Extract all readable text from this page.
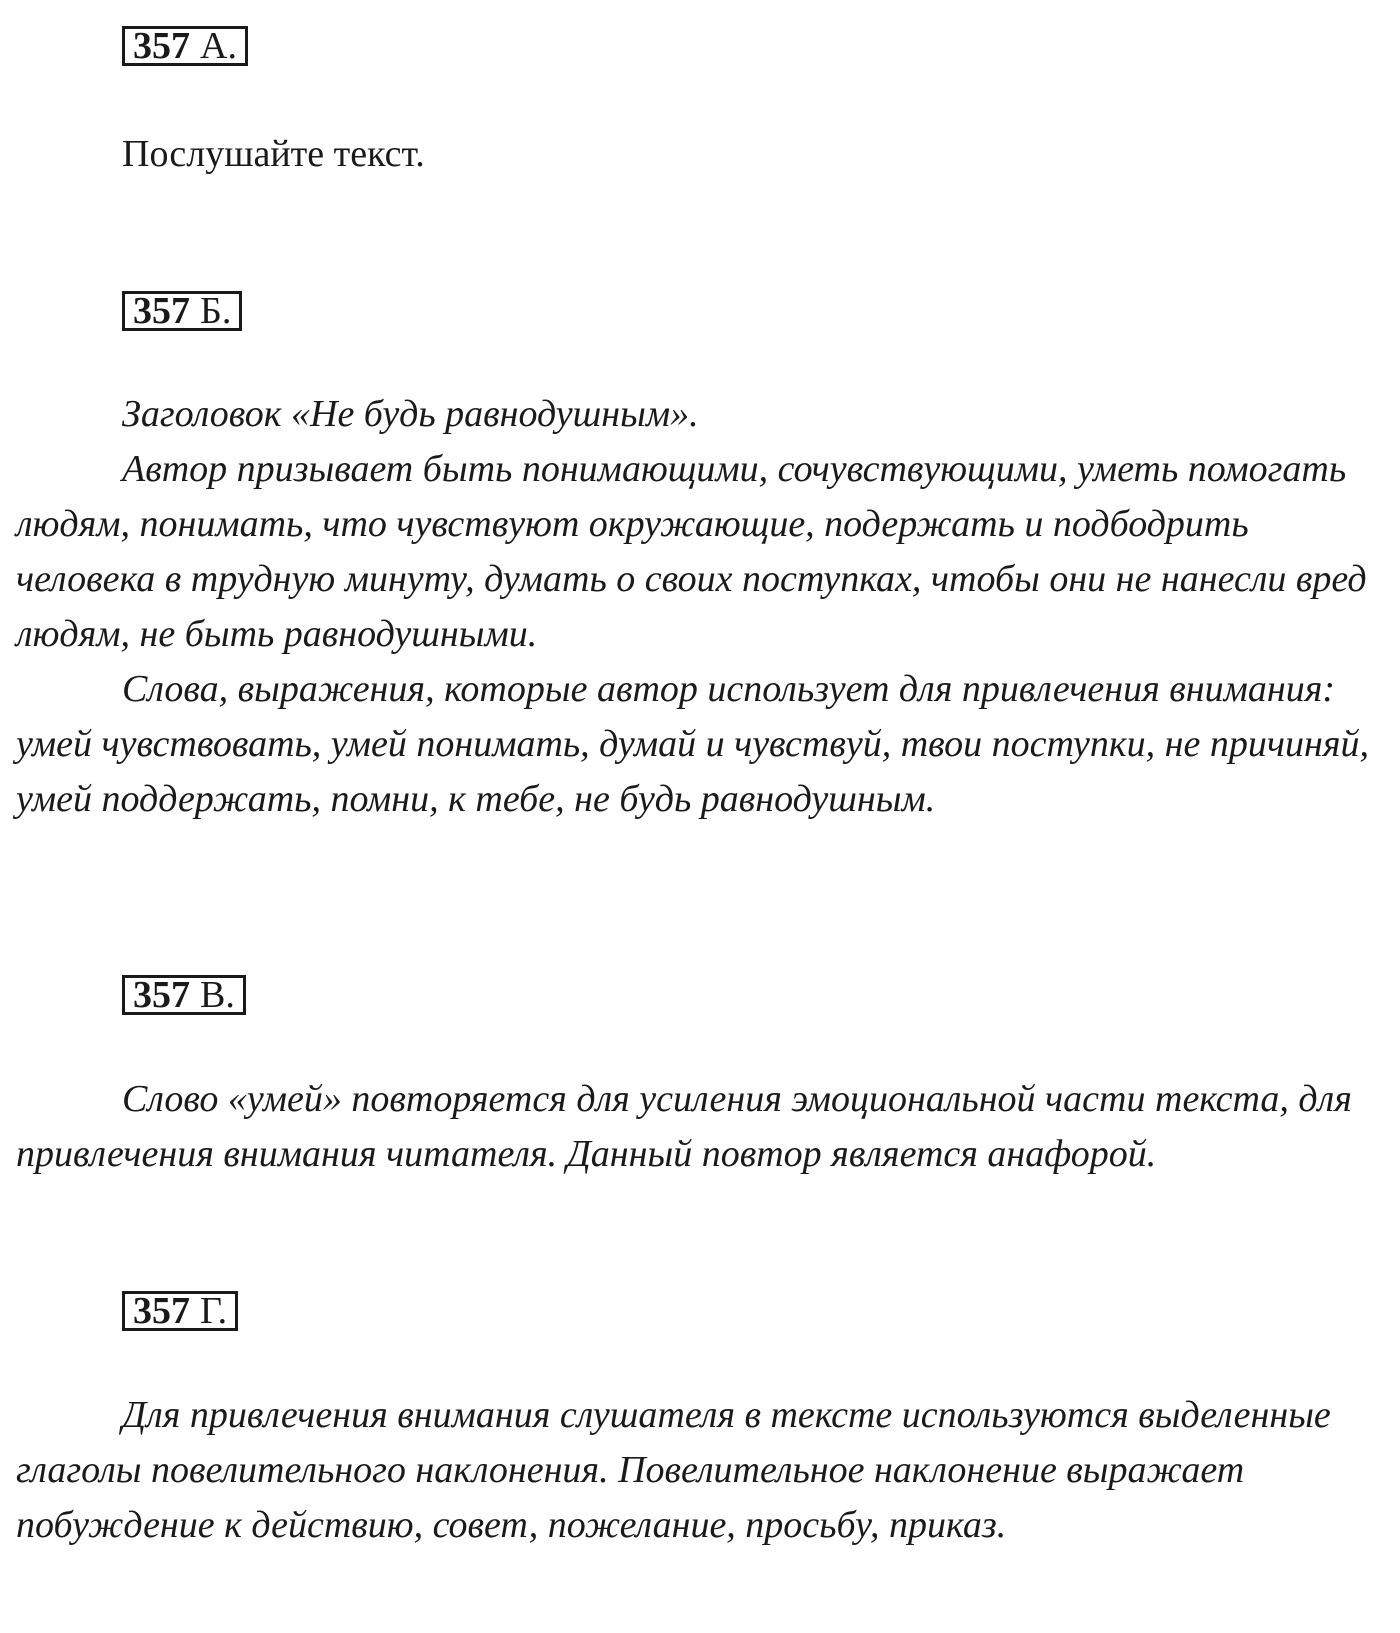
357 А.
Послушайте текст.
357 Б.

Заголовок «Не будь равнодушным».

Автор призывает быть понимающими, сочувствующими, уметь помогать людям, понимать, что чувствуют окружающие, подержать и подбодрить человека в трудную минуту, думать о своих поступках, чтобы они не нанесли вред людям, не быть равнодушными.

Слова, выражения, которые автор использует для привлечения внимания: умей чувствовать, умей понимать, думай и чувствуй, твои поступки, не причиняй, умей поддержать, помни, к тебе, не будь равнодушным.

357 В.

Слово «умей» повторяется для усиления эмоциональной части текста, для привлечения внимания читателя. Данный повтор является анафорой.

357 Г.

Для привлечения внимания слушателя в тексте используются выделенные глаголы повелительного наклонения. Повелительное наклонение выражает побуждение к действию, совет, пожелание, просьбу, приказ.
